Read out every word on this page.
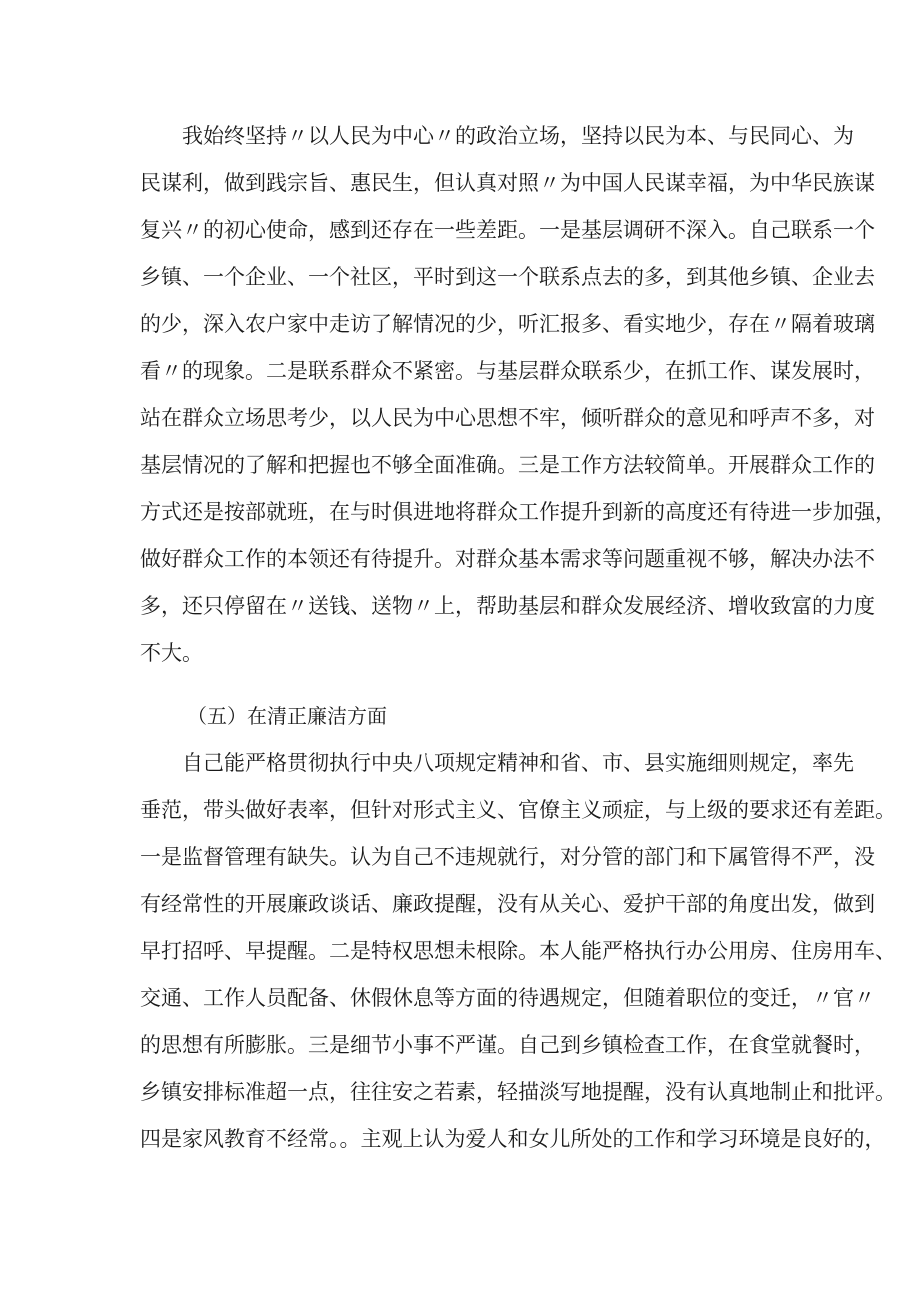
　　我始终坚持〃以人民为中心〃的政治立场，坚持以民为本、与民同心、为
民谋利，做到践宗旨、惠民生，但认真对照〃为中国人民谋幸福，为中华民族谋
复兴〃的初心使命，感到还存在一些差距。一是基层调研不深入。自己联系一个
乡镇、一个企业、一个社区，平时到这一个联系点去的多，到其他乡镇、企业去
的少，深入农户家中走访了解情况的少，听汇报多、看实地少，存在〃隔着玻璃
看〃的现象。二是联系群众不紧密。与基层群众联系少，在抓工作、谋发展时，
站在群众立场思考少，以人民为中心思想不牢，倾听群众的意见和呼声不多，对
基层情况的了解和把握也不够全面准确。三是工作方法较简单。开展群众工作的
方式还是按部就班，在与时俱进地将群众工作提升到新的高度还有待进一步加强，
做好群众工作的本领还有待提升。对群众基本需求等问题重视不够，解决办法不
多，还只停留在〃送钱、送物〃上，帮助基层和群众发展经济、增收致富的力度
不大。
（五）在清正廉洁方面
　　自己能严格贯彻执行中央八项规定精神和省、市、县实施细则规定，率先
垂范，带头做好表率，但针对形式主义、官僚主义顽症，与上级的要求还有差距。
一是监督管理有缺失。认为自己不违规就行，对分管的部门和下属管得不严，没
有经常性的开展廉政谈话、廉政提醒，没有从关心、爱护干部的角度出发，做到
早打招呼、早提醒。二是特权思想未根除。本人能严格执行办公用房、住房用车、
交通、工作人员配备、休假休息等方面的待遇规定，但随着职位的变迁，〃官〃
的思想有所膨胀。三是细节小事不严谨。自己到乡镇检查工作，在食堂就餐时，
乡镇安排标准超一点，往往安之若素，轻描淡写地提醒，没有认真地制止和批评。
四是家风教育不经常。。主观上认为爱人和女儿所处的工作和学习环境是良好的，
